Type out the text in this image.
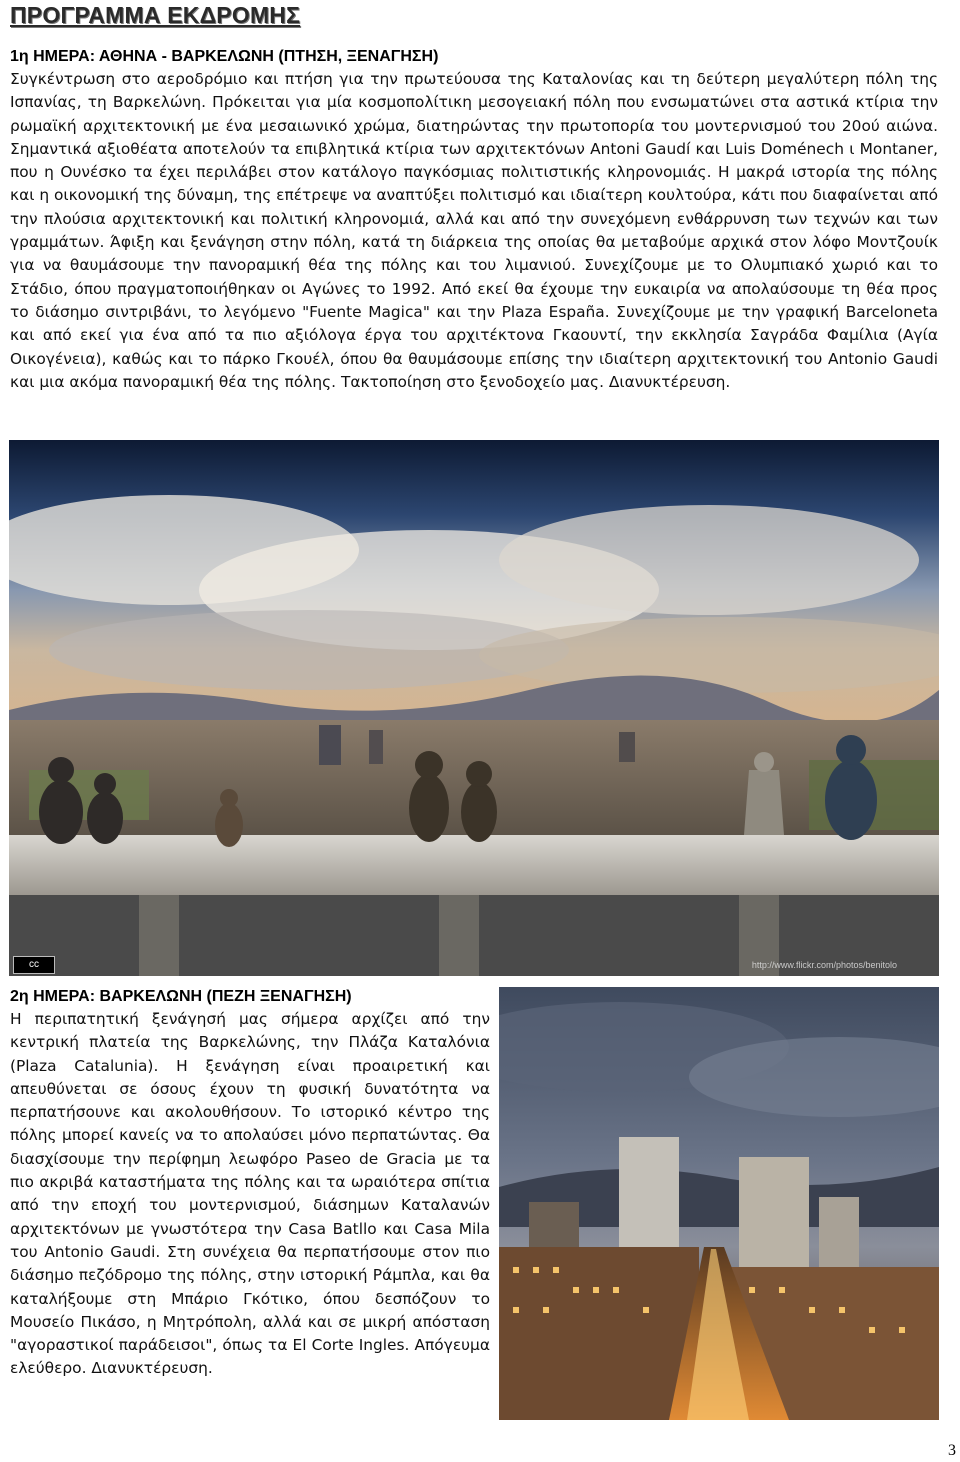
ΠΡΟΓΡΑΜΜΑ ΕΚΔΡΟΜΗΣ
1η ΗΜΕΡΑ: ΑΘΗΝΑ - ΒΑΡΚΕΛΩΝΗ (ΠΤΗΣΗ, ΞΕΝΑΓΗΣΗ)

Συγκέντρωση στο αεροδρόμιο και πτήση για την πρωτεύουσα της Καταλονίας και τη δεύτερη μεγαλύτερη πόλη της Ισπανίας, τη Βαρκελώνη. Πρόκειται για μία κοσμοπολίτικη μεσογειακή πόλη που ενσωματώνει στα αστικά κτίρια την ρωμαϊκή αρχιτεκτονική με ένα μεσαιωνικό χρώμα, διατηρώντας την πρωτοπορία του μοντερνισμού του 20ού αιώνα. Σημαντικά αξιοθέατα αποτελούν τα επιβλητικά κτίρια των αρχιτεκτόνων Antoni Gaudí και Luis Doménech ι Montaner, που η Ουνέσκο τα έχει περιλάβει στον κατάλογο παγκόσμιας πολιτιστικής κληρονομιάς. Η μακρά ιστορία της πόλης και η οικονομική της δύναμη, της επέτρεψε να αναπτύξει πολιτισμό και ιδιαίτερη κουλτούρα, κάτι που διαφαίνεται από την πλούσια αρχιτεκτονική και πολιτική κληρονομιά, αλλά και από την συνεχόμενη ενθάρρυνση των τεχνών και των γραμμάτων. Άφιξη και ξενάγηση στην πόλη, κατά τη διάρκεια της οποίας θα μεταβούμε αρχικά στον λόφο Μοντζουίκ για να θαυμάσουμε την πανοραμική θέα της πόλης και του λιμανιού. Συνεχίζουμε με το Ολυμπιακό χωριό και το Στάδιο, όπου πραγματοποιήθηκαν οι Αγώνες το 1992. Από εκεί θα έχουμε την ευκαιρία να απολαύσουμε τη θέα προς το διάσημο σιντριβάνι, το λεγόμενο "Fuente Magica" και την Plaza España. Συνεχίζουμε με την γραφική Barceloneta και από εκεί για ένα από τα πιο αξιόλογα έργα του αρχιτέκτονα Γκαουντί, την εκκλησία Σαγράδα Φαμίλια (Αγία Οικογένεια), καθώς και το πάρκο Γκουέλ, όπου θα θαυμάσουμε επίσης την ιδιαίτερη αρχιτεκτονική του Antonio Gaudi και μια ακόμα πανοραμική θέα της πόλης. Τακτοποίηση στο ξενοδοχείο μας. Διανυκτέρευση.

cc	http://www.flickr.com/photos/benitolo
2η ΗΜΕΡΑ: ΒΑΡΚΕΛΩΝΗ (ΠΕΖΗ ΞΕΝΑΓΗΣΗ)

Η περιπατητική ξενάγησή μας σήμερα αρχίζει από την κεντρική πλατεία της Βαρκελώνης, την Πλάζα Καταλόνια (Plaza Catalunia). Η ξενάγηση είναι προαιρετική και απευθύνεται σε όσους έχουν τη φυσική δυνατότητα να περπατήσουνε και ακολουθήσουν. Το ιστορικό κέντρο της πόλης μπορεί κανείς να το απολαύσει μόνο περπατώντας. Θα διασχίσουμε την περίφημη λεωφόρο Paseo de Gracia με τα πιο ακριβά καταστήματα της πόλης και τα ωραιότερα σπίτια από την εποχή του μοντερνισμού, διάσημων Καταλανών αρχιτεκτόνων με γνωστότερα την Casa Batllo και Casa Mila του Antonio Gaudi. Στη συνέχεια θα περπατήσουμε στον πιο διάσημο πεζόδρομο της πόλης, στην ιστορική Ράμπλα, και θα καταλήξουμε στη Μπάριο Γκότικο, όπου δεσπόζουν το Μουσείο Πικάσο, η Μητρόπολη, αλλά και σε μικρή απόσταση "αγοραστικοί παράδεισοι", όπως τα El Corte Ingles. Απόγευμα ελεύθερο. Διανυκτέρευση.

3
